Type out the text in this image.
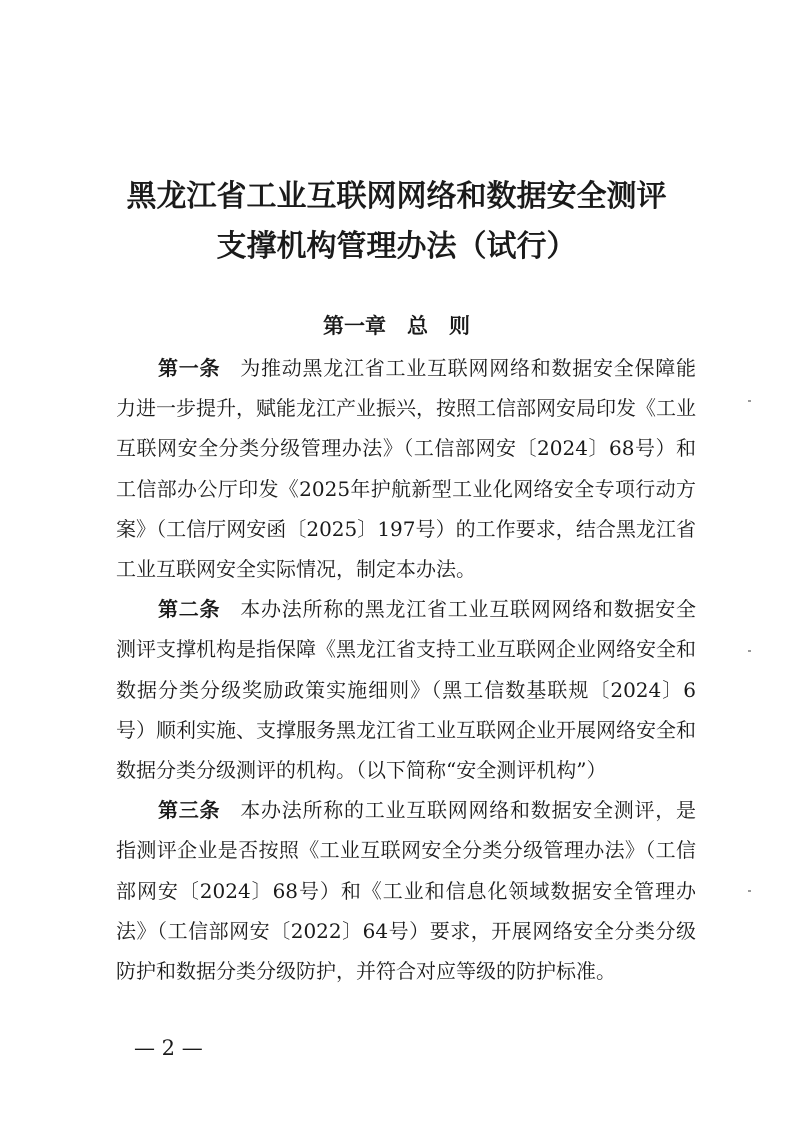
黑龙江省工业互联网网络和数据安全测评
支撑机构管理办法（试行）
第一章　总　则

第一条 为推动黑龙江省工业互联网网络和数据安全保障能力进一步提升，赋能龙江产业振兴，按照工信部网安局印发《工业互联网安全分类分级管理办法》（工信部网安〔2024〕68号）和工信部办公厅印发《2025年护航新型工业化网络安全专项行动方案》（工信厅网安函〔2025〕197号）的工作要求，结合黑龙江省工业互联网安全实际情况，制定本办法。

第二条 本办法所称的黑龙江省工业互联网网络和数据安全测评支撑机构是指保障《黑龙江省支持工业互联网企业网络安全和数据分类分级奖励政策实施细则》（黑工信数基联规〔2024〕6号）顺利实施、支撑服务黑龙江省工业互联网企业开展网络安全和数据分类分级测评的机构。（以下简称“安全测评机构”）

第三条 本办法所称的工业互联网网络和数据安全测评，是指测评企业是否按照《工业互联网安全分类分级管理办法》（工信部网安〔2024〕68号）和《工业和信息化领域数据安全管理办法》（工信部网安〔2022〕64号）要求，开展网络安全分类分级防护和数据分类分级防护，并符合对应等级的防护标准。

— 2 —
